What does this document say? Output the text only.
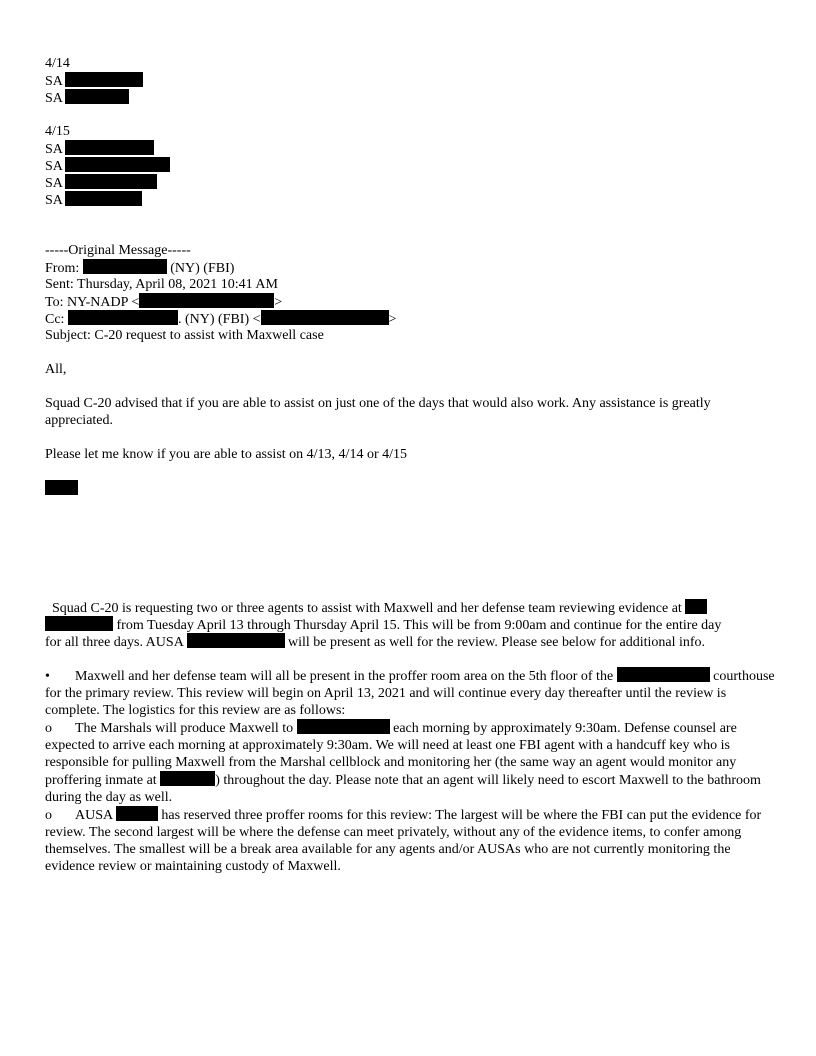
4/14
SA
SA
4/15
SA
SA
SA
SA
-----Original Message-----
From:	(NY) (FBI)
Sent: Thursday, April 08, 2021 10:41 AM
To: NY-NADP <	>
Cc:	. (NY) (FBI) <	>
Subject: C-20 request to assist with Maxwell case
All,
Squad C-20 advised that if you are able to assist on just one of the days that would also work. Any assistance is greatly appreciated.
Please let me know if you are able to assist on 4/13, 4/14 or 4/15
Squad C-20 is requesting two or three agents to assist with Maxwell and her defense team reviewing evidence at
from Tuesday April 13 through Thursday April 15. This will be from 9:00am and continue for the entire day
for all three days. AUSA	will be present as well for the review. Please see below for additional info.
• Maxwell and her defense team will all be present in the proffer room area on the 5th floor of the	courthouse for the primary review. This review will begin on April 13, 2021 and will continue every day thereafter until the review is complete. The logistics for this review are as follows:
o The Marshals will produce Maxwell to	each morning by approximately 9:30am. Defense counsel are expected to arrive each morning at approximately 9:30am. We will need at least one FBI agent with a handcuff key who is responsible for pulling Maxwell from the Marshal cellblock and monitoring her (the same way an agent would monitor any proffering inmate at	) throughout the day. Please note that an agent will likely need to escort Maxwell to the bathroom during the day as well.
o AUSA	has reserved three proffer rooms for this review: The largest will be where the FBI can put the evidence for review. The second largest will be where the defense can meet privately, without any of the evidence items, to confer among themselves. The smallest will be a break area available for any agents and/or AUSAs who are not currently monitoring the evidence review or maintaining custody of Maxwell.
